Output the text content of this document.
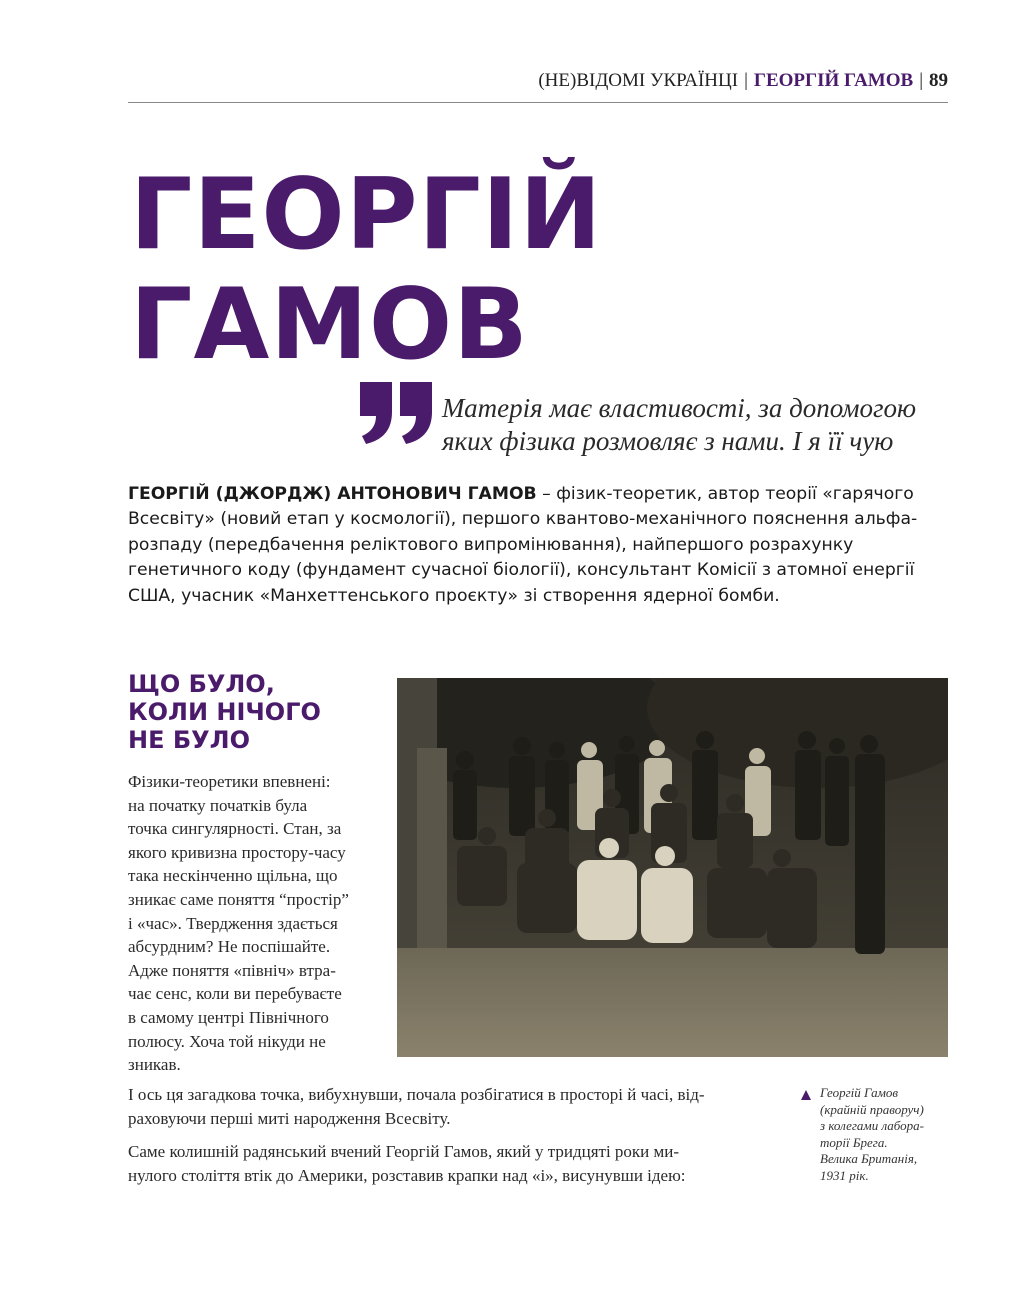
(НЕ)ВІДОМІ УКРАЇНЦІ | ГЕОРГІЙ ГАМОВ | 89
ГЕОРГІЙ
ГАМОВ
Матерія має властивості, за допомогою
яких фізика розмовляє з нами. І я її чую
ГЕОРГІЙ (ДЖОРДЖ) АНТОНОВИЧ ГАМОВ – фізик-теоретик, автор теорії «гарячого Всесвіту» (новий етап у космології), першого квантово-механічного пояснення альфа-розпаду (передбачення реліктового випромінювання), найпершого розрахунку генетичного коду (фундамент сучасної біології), консультант Комісії з атомної енергії США, учасник «Манхеттенського проєкту» зі створення ядерної бомби.
ЩО БУЛО,
КОЛИ НІЧОГО
НЕ БУЛО
Фізики-теоретики впевнені:
на початку початків була
точка сингулярності. Стан, за
якого кривизна простору-часу
така нескінченно щільна, що
зникає саме поняття “простір”
і «час». Твердження здається
абсурдним? Не поспішайте.
Адже поняття «північ» втра-
чає сенс, коли ви перебуваєте
в самому центрі Північного
полюсу. Хоча той нікуди не
зникав.

І ось ця загадкова точка, вибухнувши, почала розбігатися в просторі й часі, від-
раховуючи перші миті народження Всесвіту.

Саме колишній радянський вчений Георгій Гамов, який у тридцяті роки ми-
нулого століття втік до Америки, розставив крапки над «і», висунувши ідею:

Георгій Гамов
(крайній праворуч)
з колегами лабора-
торії Брега.
Велика Британія,
1931 рік.
